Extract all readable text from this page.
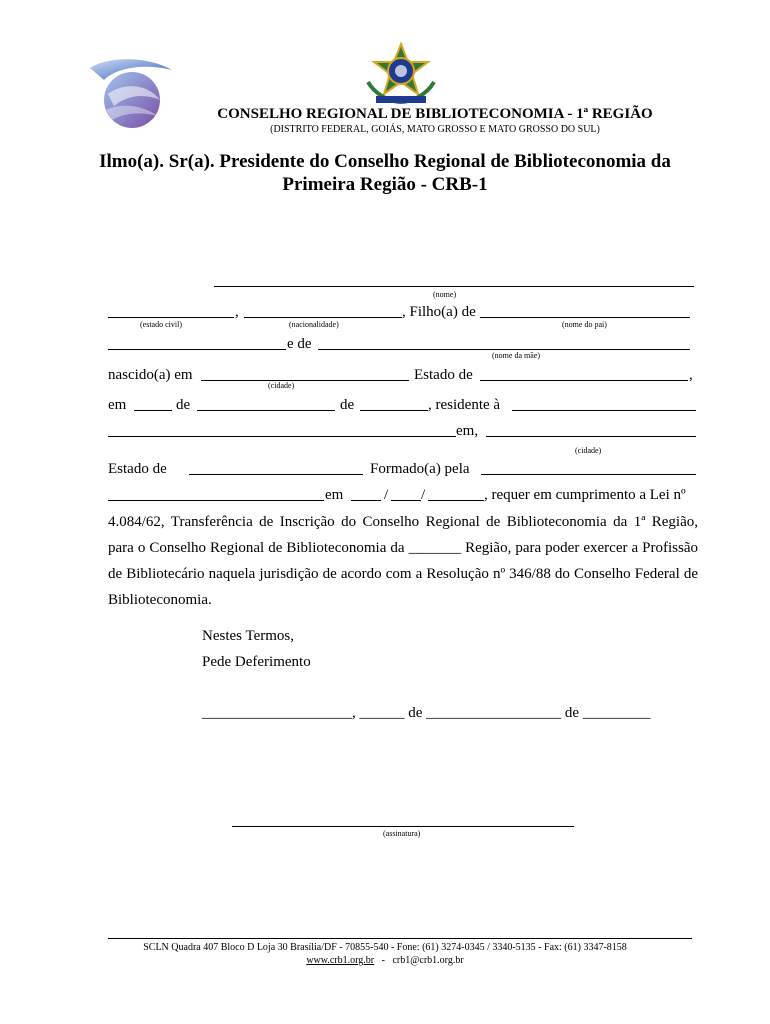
CONSELHO REGIONAL DE BIBLIOTECONOMIA - 1ª REGIÃO
(DISTRITO FEDERAL, GOIÁS, MATO GROSSO E MATO GROSSO DO SUL)
Ilmo(a). Sr(a). Presidente do Conselho Regional de Biblioteconomia da
Primeira Região - CRB-1
(nome)
,	, Filho(a) de
(estado civil)	(nacionalidade)	(nome do pai)
e de
(nome da mãe)
nascido(a) em	Estado de	,
(cidade)
em	de	de	, residente à
em,
(cidade)
Estado de	Formado(a) pela
em	/ /	, requer em cumprimento a Lei nº
4.084/62, Transferência de Inscrição do Conselho Regional de Biblioteconomia da 1ª Região, para o Conselho Regional de Biblioteconomia da _______ Região, para poder exercer a Profissão de Bibliotecário naquela jurisdição de acordo com a Resolução nº 346/88 do Conselho Federal de Biblioteconomia.
Nestes Termos,
Pede Deferimento
____________________, ______ de __________________ de _________
(assinatura)
SCLN Quadra 407 Bloco D Loja 30 Brasília/DF - 70855-540 - Fone: (61) 3274-0345 / 3340-5135 - Fax: (61) 3347-8158
www.crb1.org.br - crb1@crb1.org.br
